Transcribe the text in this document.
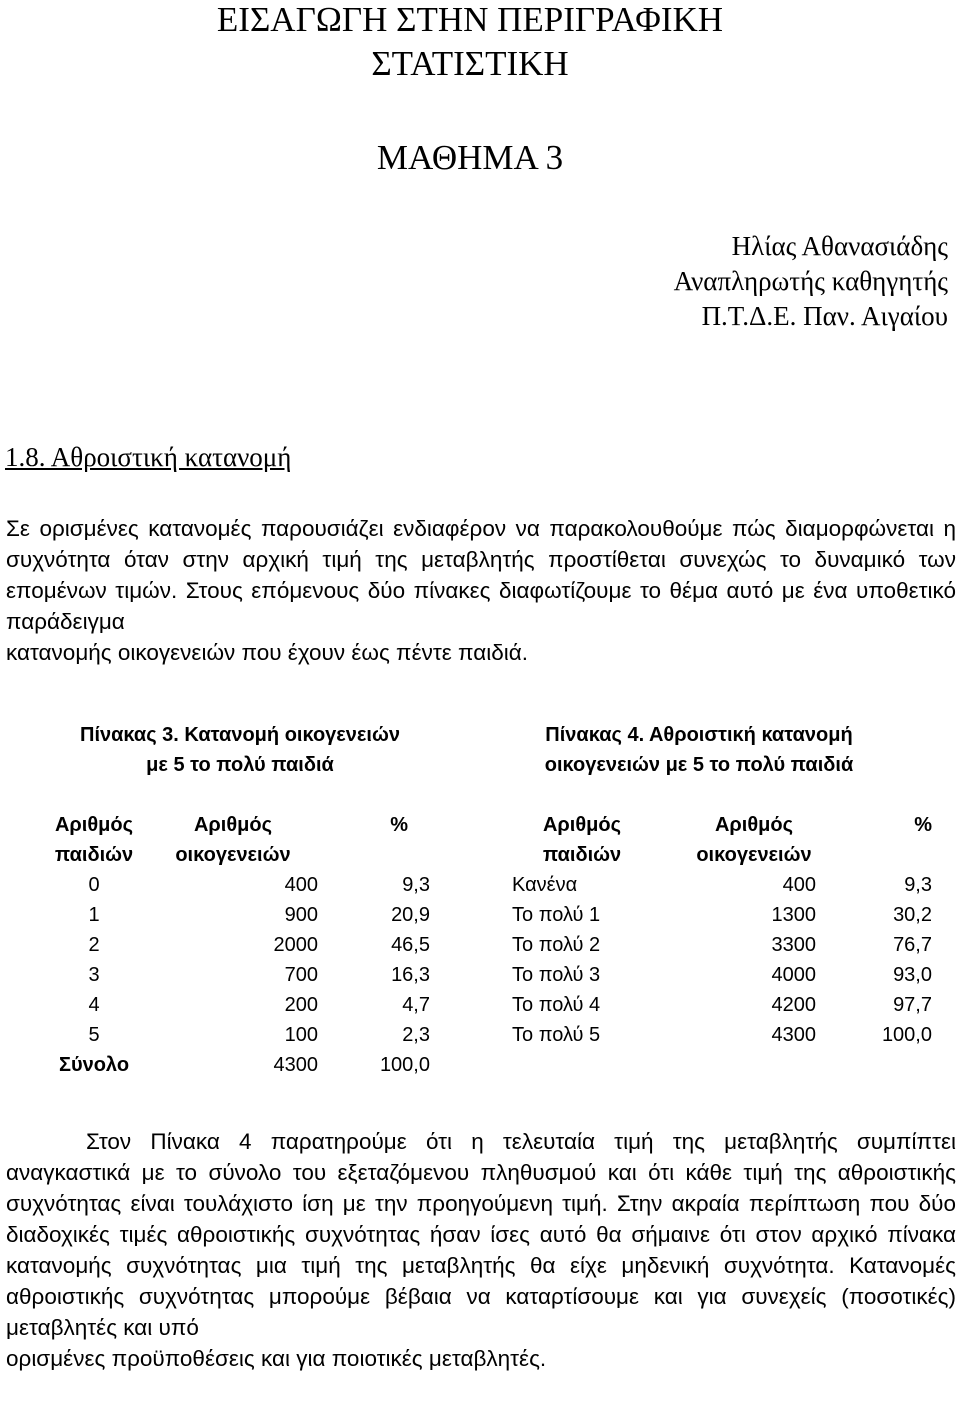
ΕΙΣΑΓΩΓΗ ΣΤΗΝ ΠΕΡΙΓΡΑΦΙΚΗ
ΣΤΑΤΙΣΤΙΚΗ
ΜΑΘΗΜΑ 3
Ηλίας Αθανασιάδης
Αναπληρωτής καθηγητής
Π.Τ.Δ.Ε. Παν. Αιγαίου
1.8. Αθροιστική κατανομή
Σε ορισμένες κατανομές παρουσιάζει ενδιαφέρον να παρακολουθούμε πώς διαμορφώνεται η συχνότητα όταν στην αρχική τιμή της μεταβλητής προστίθεται συνεχώς το δυναμικό των επομένων τιμών. Στους επόμενους δύο πίνακες διαφωτίζουμε το θέμα αυτό με ένα υποθετικό παράδειγμα
κατανομής οικογενειών που έχουν έως πέντε παιδιά.
Πίνακας 3. Κατανομή οικογενειών
με 5 το πολύ παιδιά
Πίνακας 4. Αθροιστική κατανομή
οικογενειών με 5 το πολύ παιδιά
Αριθμός	Αριθμός	%
παιδιών	οικογενειών	
0	400	9,3
1	900	20,9
2	2000	46,5
3	700	16,3
4	200	4,7
5	100	2,3
Σύνολο	4300	100,0
Αριθμός	Αριθμός	%
παιδιών	οικογενειών	
Κανένα	400	9,3
Το πολύ 1	1300	30,2
Το πολύ 2	3300	76,7
Το πολύ 3	4000	93,0
Το πολύ 4	4200	97,7
Το πολύ 5	4300	100,0
Στον Πίνακα 4 παρατηρούμε ότι η τελευταία τιμή της μεταβλητής συμπίπτει αναγκαστικά με το σύνολο του εξεταζόμενου πληθυσμού και ότι κάθε τιμή της αθροιστικής συχνότητας είναι τουλάχιστο ίση με την προηγούμενη τιμή. Στην ακραία περίπτωση που δύο διαδοχικές τιμές αθροιστικής συχνότητας ήσαν ίσες αυτό θα σήμαινε ότι στον αρχικό πίνακα κατανομής συχνότητας μια τιμή της μεταβλητής θα είχε μηδενική συχνότητα. Κατανομές αθροιστικής συχνότητας μπορούμε βέβαια να καταρτίσουμε και για συνεχείς (ποσοτικές) μεταβλητές και υπό
ορισμένες προϋποθέσεις και για ποιοτικές μεταβλητές.
